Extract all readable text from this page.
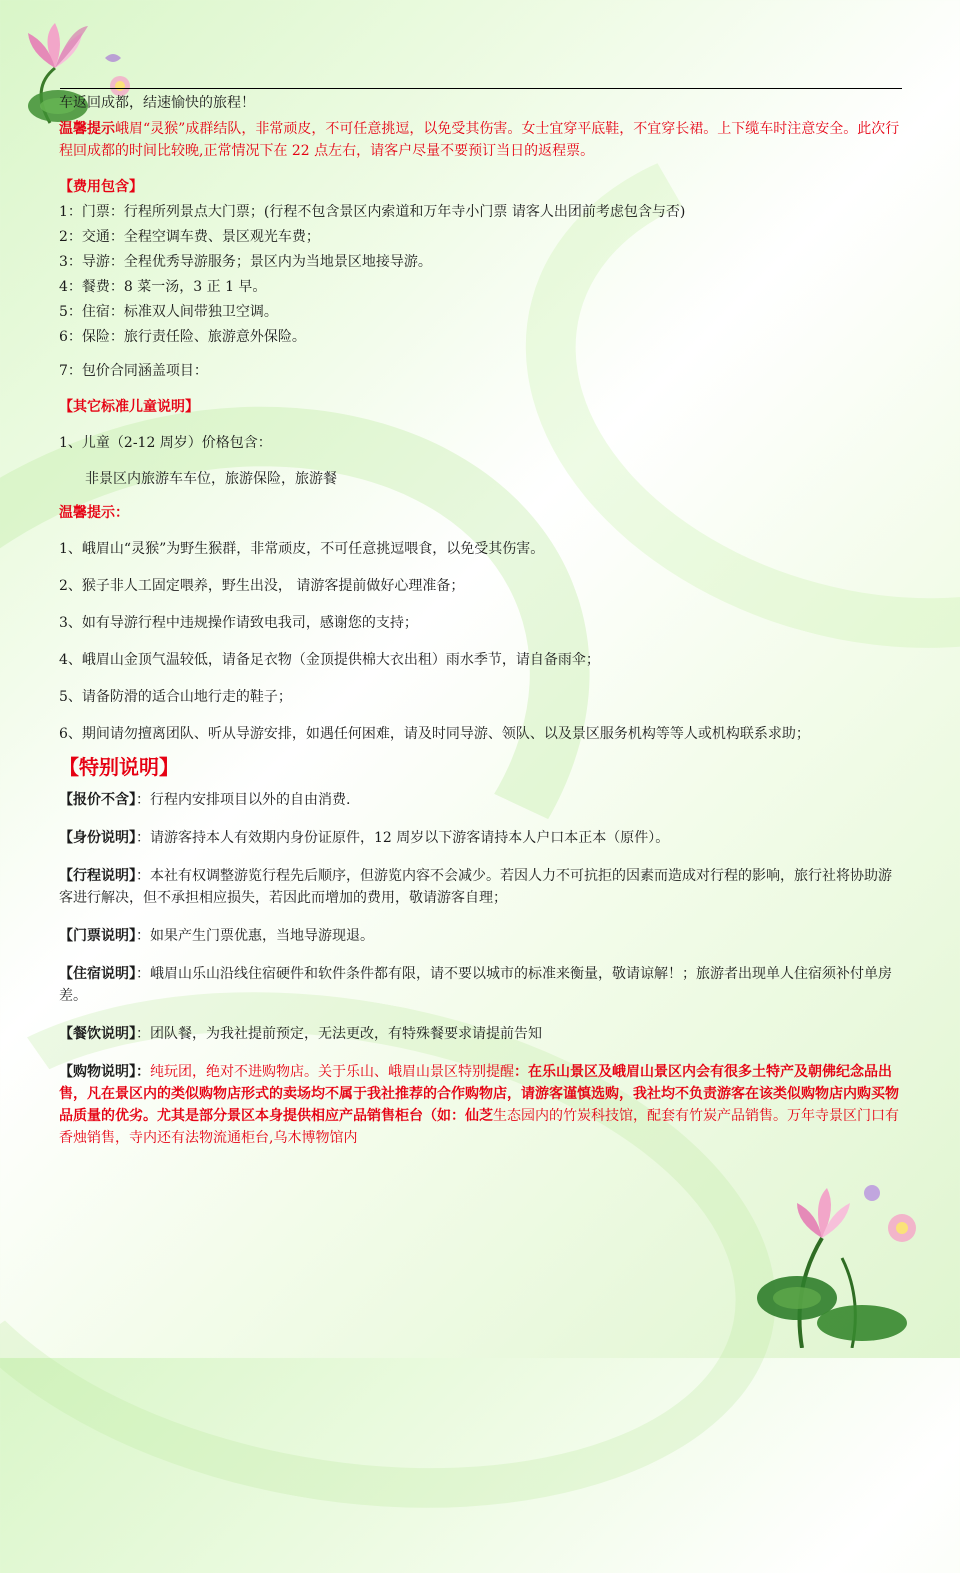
车返回成都，结速愉快的旅程！

温馨提示峨眉“灵猴”成群结队，非常顽皮，不可任意挑逗，以免受其伤害。女士宜穿平底鞋，不宜穿长裙。上下缆车时注意安全。此次行程回成都的时间比较晚,正常情况下在 22 点左右，请客户尽量不要预订当日的返程票。

【费用包含】

1：门票：行程所列景点大门票；(行程不包含景区内索道和万年寺小门票 请客人出团前考虑包含与否)

2：交通：全程空调车费、景区观光车费；

3：导游：全程优秀导游服务；景区内为当地景区地接导游。

4：餐费：8 菜一汤，3 正 1 早。

5：住宿：标准双人间带独卫空调。

6：保险：旅行责任险、旅游意外保险。

7：包价合同涵盖项目：

【其它标准儿童说明】

1、儿童（2-12 周岁）价格包含：

非景区内旅游车车位，旅游保险，旅游餐

温馨提示：

1、峨眉山“灵猴”为野生猴群，非常顽皮，不可任意挑逗喂食，以免受其伤害。

2、猴子非人工固定喂养，野生出没， 请游客提前做好心理准备；

3、如有导游行程中违规操作请致电我司，感谢您的支持；

4、峨眉山金顶气温较低，请备足衣物（金顶提供棉大衣出租）雨水季节，请自备雨伞；

5、请备防滑的适合山地行走的鞋子；

6、期间请勿擅离团队、听从导游安排，如遇任何困难，请及时同导游、领队、以及景区服务机构等等人或机构联系求助；

【特别说明】

【报价不含】：行程内安排项目以外的自由消费.

【身份说明】：请游客持本人有效期内身份证原件，12 周岁以下游客请持本人户口本正本（原件）。

【行程说明】：本社有权调整游览行程先后顺序，但游览内容不会减少。若因人力不可抗拒的因素而造成对行程的影响，旅行社将协助游客进行解决，但不承担相应损失，若因此而增加的费用，敬请游客自理；

【门票说明】：如果产生门票优惠，当地导游现退。

【住宿说明】：峨眉山乐山沿线住宿硬件和软件条件都有限，请不要以城市的标准来衡量，敬请谅解！；旅游者出现单人住宿须补付单房差。

【餐饮说明】：团队餐，为我社提前预定，无法更改，有特殊餐要求请提前告知

【购物说明】：纯玩团，绝对不进购物店。关于乐山、峨眉山景区特别提醒：在乐山景区及峨眉山景区内会有很多土特产及朝佛纪念品出售，凡在景区内的类似购物店形式的卖场均不属于我社推荐的合作购物店，请游客谨慎选购，我社均不负责游客在该类似购物店内购买物品质量的优劣。尤其是部分景区本身提供相应产品销售柜台（如：仙芝生态园内的竹炭科技馆，配套有竹炭产品销售。万年寺景区门口有香烛销售，寺内还有法物流通柜台,乌木博物馆内
